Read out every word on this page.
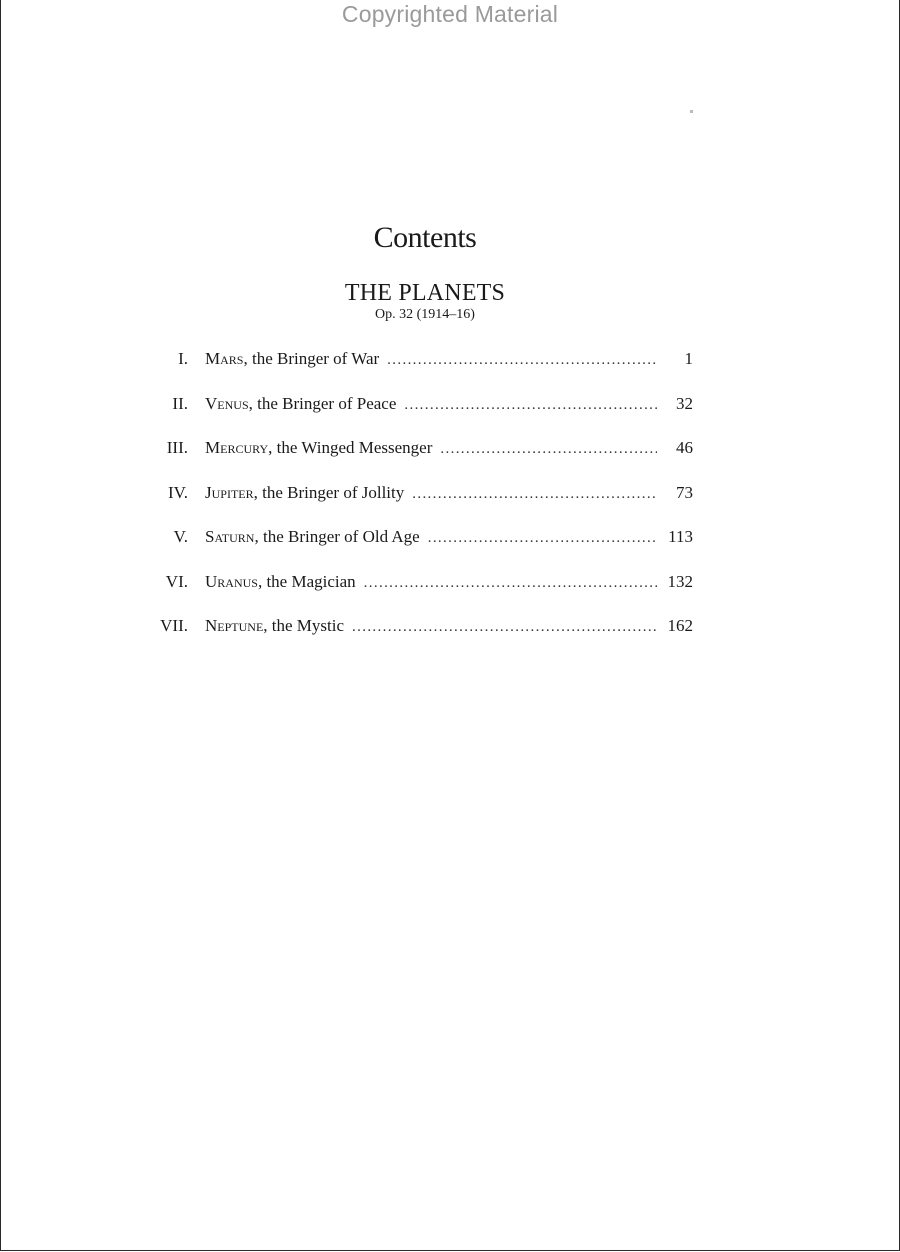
Copyrighted Material
Contents
THE PLANETS
Op. 32 (1914–16)
I. Mars , the Bringer of War . . .	1
II. Venus , the Bringer of Peace . . .	32
III. Mercury , the Winged Messenger . . .	46
IV. Jupiter , the Bringer of Jollity . . .	73
V. Saturn , the Bringer of Old Age . . .	113
VI. Uranus , the Magician . . .	132
VII. Neptune , the Mystic . . .	162
